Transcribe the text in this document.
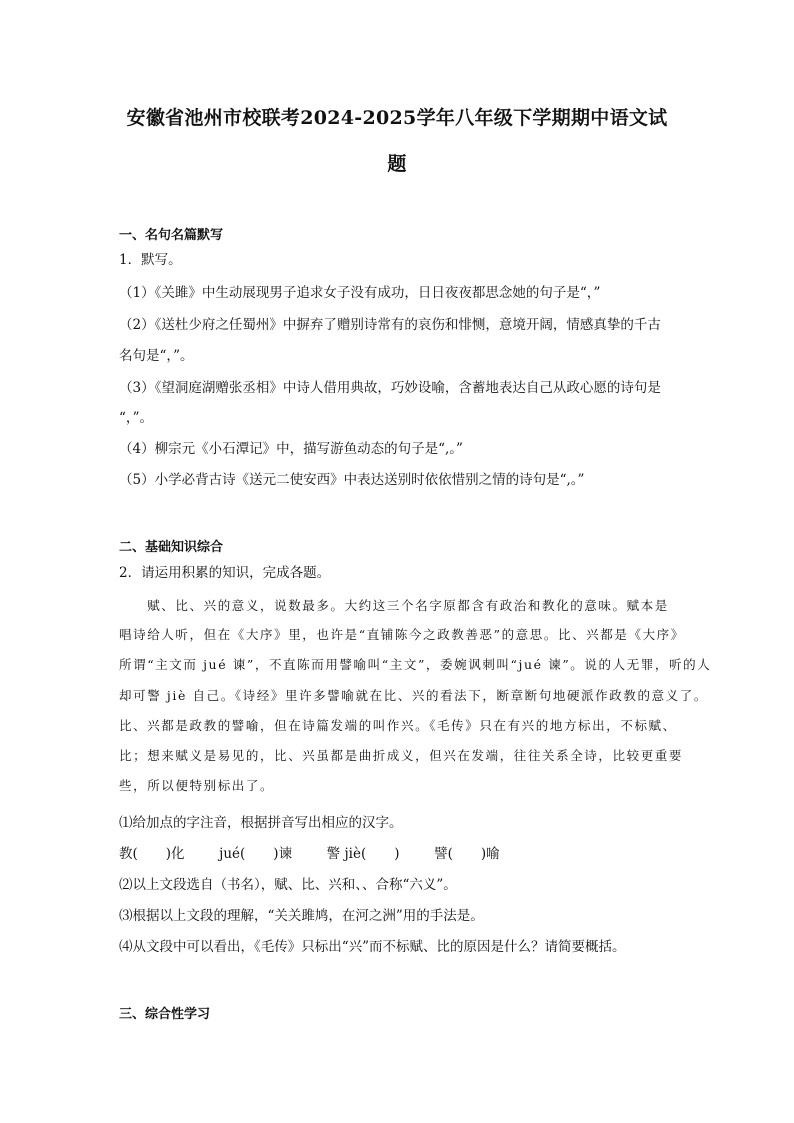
安徽省池州市校联考2024-2025学年八年级下学期期中语文试
题
一、名句名篇默写
1．默写。
（1）《关雎》中生动展现男子追求女子没有成功，日日夜夜都思念她的句子是“，”
（2）《送杜少府之任蜀州》中摒弃了赠别诗常有的哀伤和悱恻，意境开阔，情感真挚的千古
名句是“，”。
（3）《望洞庭湖赠张丞相》中诗人借用典故，巧妙设喻，含蓄地表达自己从政心愿的诗句是
“，”。
（4）柳宗元《小石潭记》中，描写游鱼动态的句子是“,。”
（5）小学必背古诗《送元二使安西》中表达送别时依依惜别之情的诗句是“,。”
二、基础知识综合
2．请运用积累的知识，完成各题。
　　赋、比、兴的意义，说数最多。大约这三个名字原都含有政治和教化的意味。赋本是
唱诗给人听，但在《大序》里，也许是“直铺陈今之政教善恶”的意思。比、兴都是《大序》
所谓“主文而 jué 谏”，不直陈而用譬喻叫“主文”，委婉讽刺叫“jué 谏”。说的人无罪，听的人
却可警 jiè 自己。《诗经》里许多譬喻就在比、兴的看法下，断章断句地硬派作政教的意义了。
比、兴都是政教的譬喻，但在诗篇发端的叫作兴。《毛传》只在有兴的地方标出，不标赋、
比；想来赋义是易见的，比、兴虽都是曲折成义，但兴在发端，往往关系全诗，比较更重要
些，所以便特别标出了。
⑴给加点的字注音，根据拼音写出相应的汉字。
教( )化	jué( )谏	警 jiè( )	譬( )喻
⑵以上文段选自（书名），赋、比、兴和、、合称“六义”。
⑶根据以上文段的理解，“关关雎鸠，在河之洲”用的手法是。
⑷从文段中可以看出，《毛传》只标出“兴”而不标赋、比的原因是什么？请简要概括。
三、综合性学习
